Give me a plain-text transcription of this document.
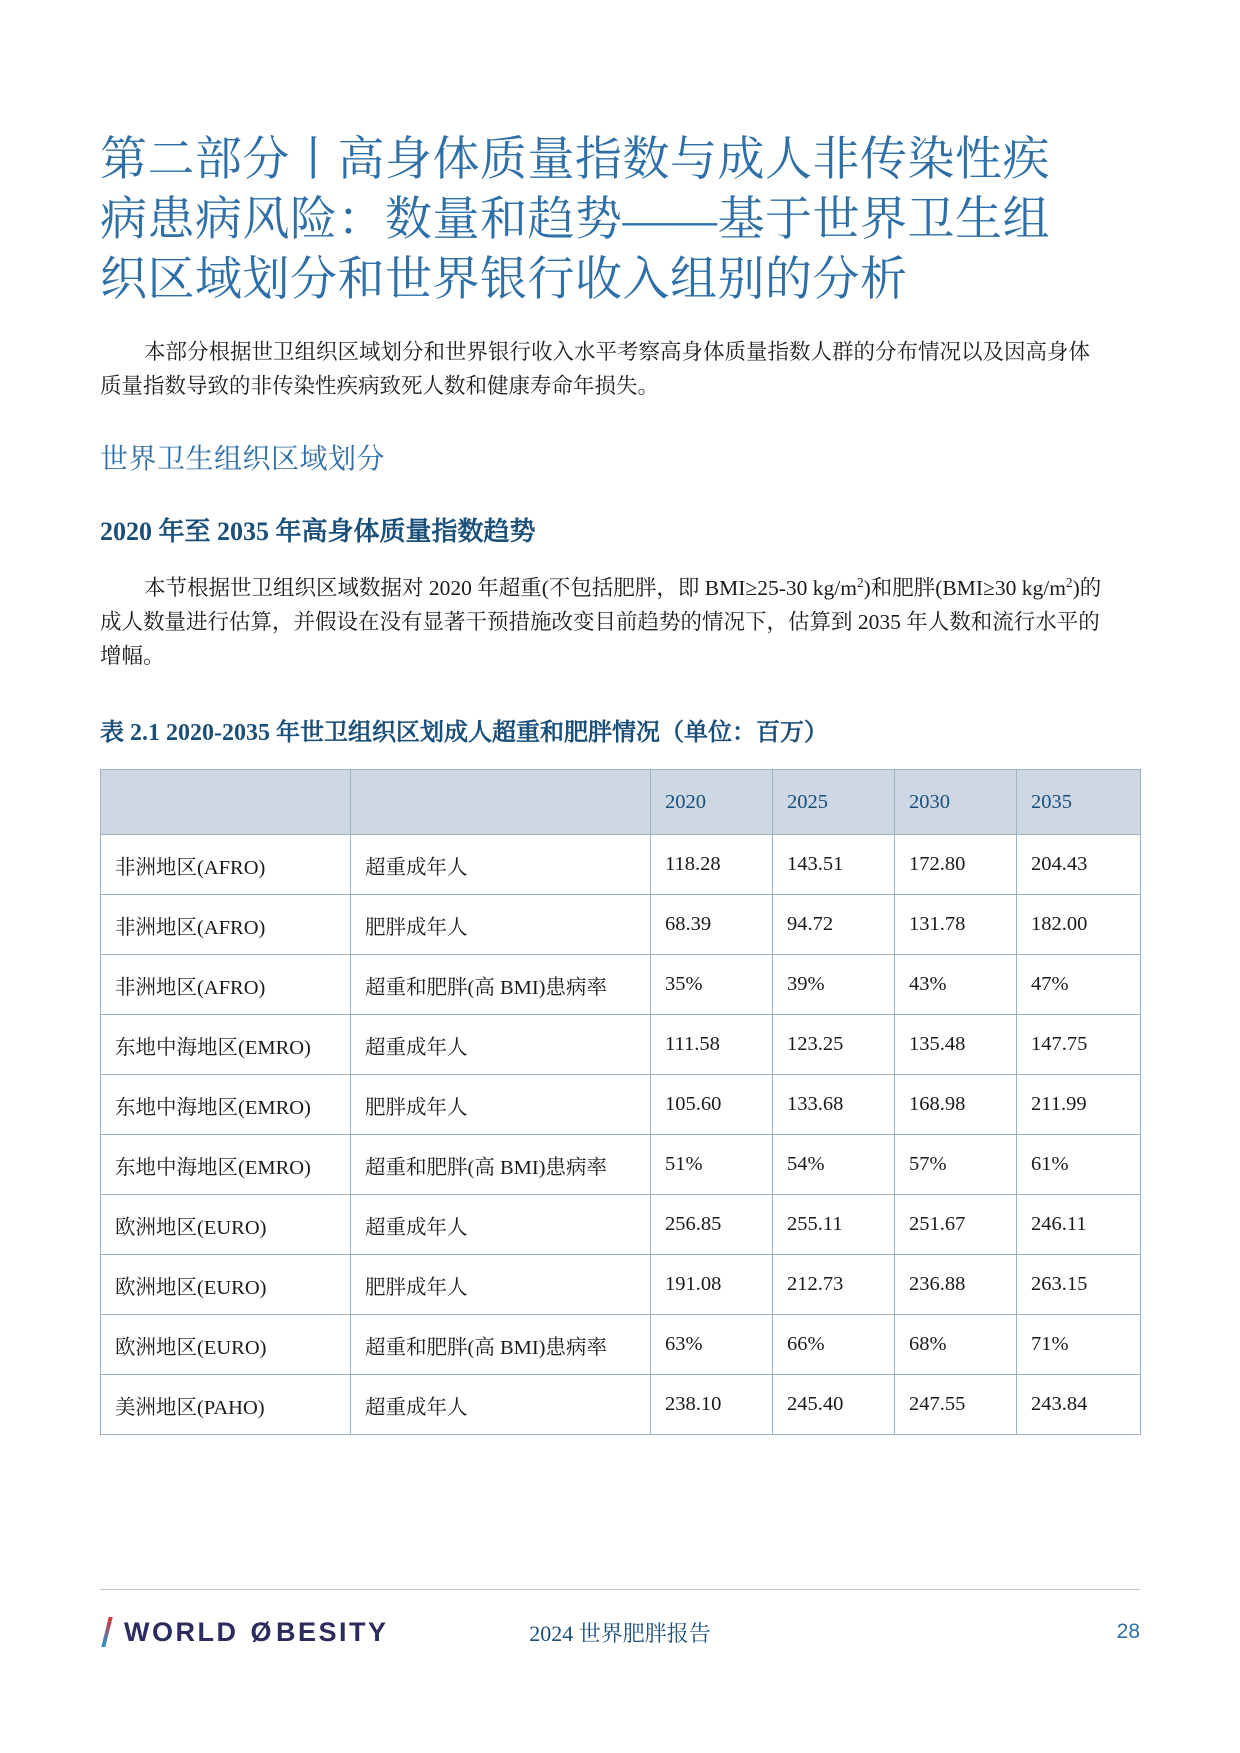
第二部分丨高身体质量指数与成人非传染性疾病患病风险：数量和趋势——基于世界卫生组织区域划分和世界银行收入组别的分析

本部分根据世卫组织区域划分和世界银行收入水平考察高身体质量指数人群的分布情况以及因高身体质量指数导致的非传染性疾病致死人数和健康寿命年损失。

世界卫生组织区域划分
2020 年至 2035 年高身体质量指数趋势

本节根据世卫组织区域数据对 2020 年超重(不包括肥胖，即 BMI≥25-30 $kg/m^2$)和肥胖(BMI≥30 $kg/m^2$)的成人数量进行估算，并假设在没有显著干预措施改变目前趋势的情况下，估算到 2035 年人数和流行水平的增幅。

表 2.1 2020-2035 年世卫组织区划成人超重和肥胖情况（单位：百万）
		2020	2025	2030	2035
非洲地区(AFRO)	超重成年人	118.28	143.51	172.80	204.43
非洲地区(AFRO)	肥胖成年人	68.39	94.72	131.78	182.00
非洲地区(AFRO)	超重和肥胖(高 BMI)患病率	35%	39%	43%	47%
东地中海地区(EMRO)	超重成年人	111.58	123.25	135.48	147.75
东地中海地区(EMRO)	肥胖成年人	105.60	133.68	168.98	211.99
东地中海地区(EMRO)	超重和肥胖(高 BMI)患病率	51%	54%	57%	61%
欧洲地区(EURO)	超重成年人	256.85	255.11	251.67	246.11
欧洲地区(EURO)	肥胖成年人	191.08	212.73	236.88	263.15
欧洲地区(EURO)	超重和肥胖(高 BMI)患病率	63%	66%	68%	71%
美洲地区(PAHO)	超重成年人	238.10	245.40	247.55	243.84
WORLD Ø BESITY	2024 世界肥胖报告	28
